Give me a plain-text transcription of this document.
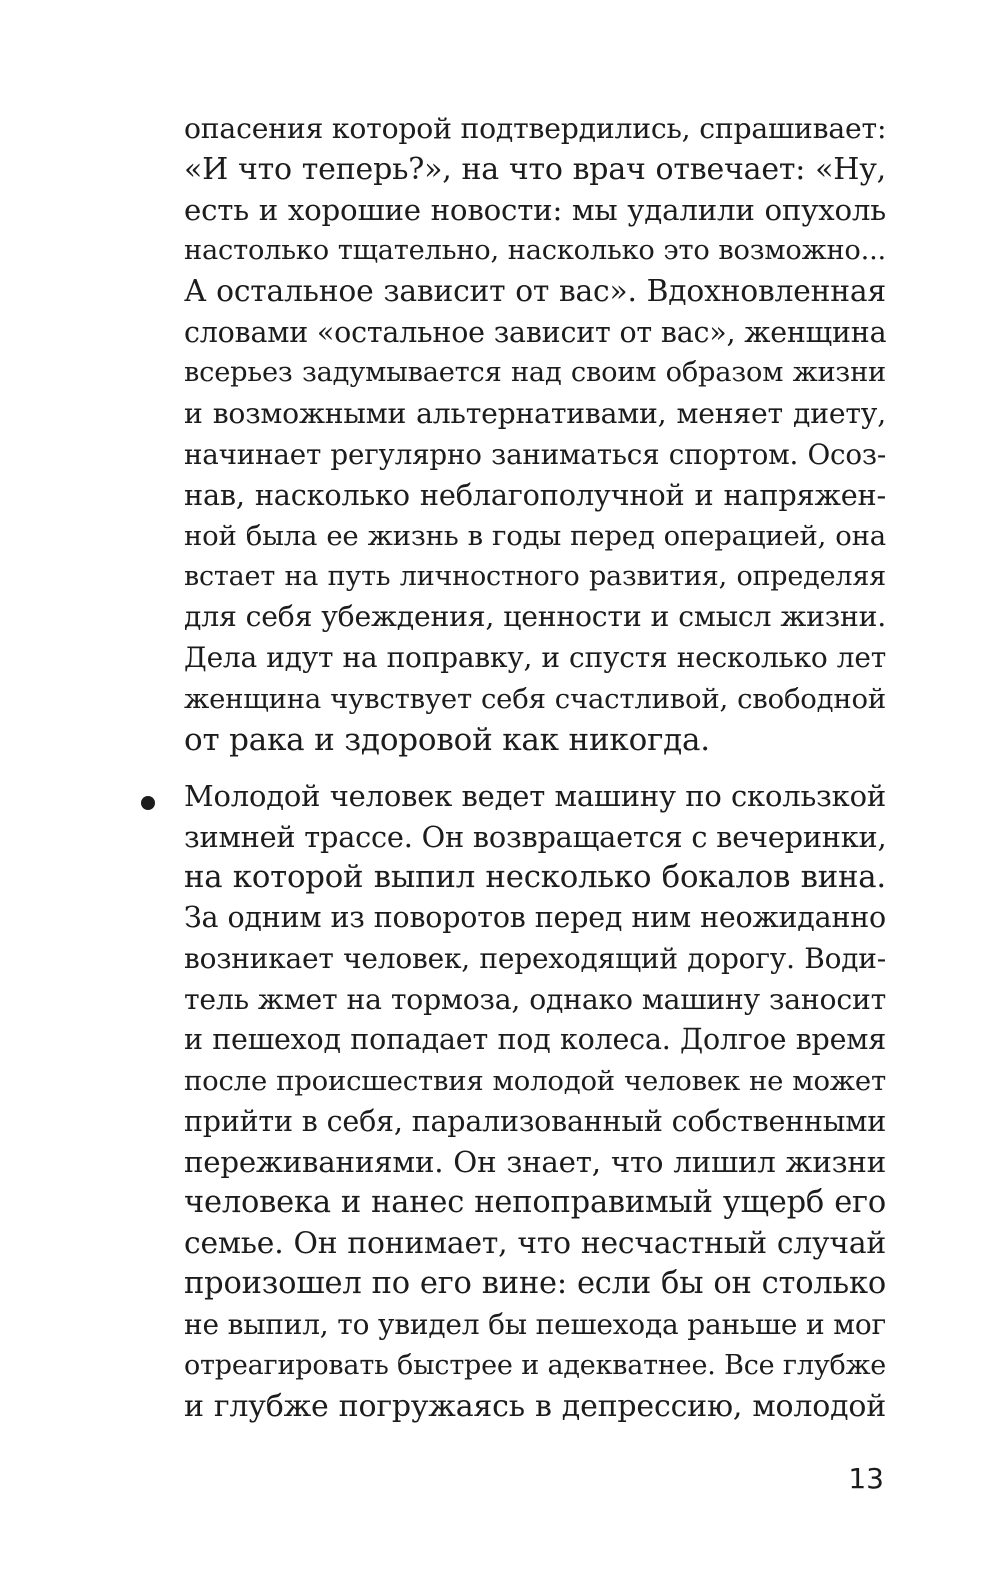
опасения которой подтвердились, спрашивает:
«И что теперь?», на что врач отвечает: «Ну,
есть и хорошие новости: мы удалили опухоль
настолько тщательно, насколько это возможно...
А остальное зависит от вас». Вдохновленная
словами «остальное зависит от вас», женщина
всерьез задумывается над своим образом жизни
и возможными альтернативами, меняет диету,
начинает регулярно заниматься спортом. Осоз-
нав, насколько неблагополучной и напряжен-
ной была ее жизнь в годы перед операцией, она
встает на путь личностного развития, определяя
для себя убеждения, ценности и смысл жизни.
Дела идут на поправку, и спустя несколько лет
женщина чувствует себя счастливой, свободной
от рака и здоровой как никогда.
Молодой человек ведет машину по скользкой
зимней трассе. Он возвращается с вечеринки,
на которой выпил несколько бокалов вина.
За одним из поворотов перед ним неожиданно
возникает человек, переходящий дорогу. Води-
тель жмет на тормоза, однако машину заносит
и пешеход попадает под колеса. Долгое время
после происшествия молодой человек не может
прийти в себя, парализованный собственными
переживаниями. Он знает, что лишил жизни
человека и нанес непоправимый ущерб его
семье. Он понимает, что несчастный случай
произошел по его вине: если бы он столько
не выпил, то увидел бы пешехода раньше и мог
отреагировать быстрее и адекватнее. Все глубже
и глубже погружаясь в депрессию, молодой
13
